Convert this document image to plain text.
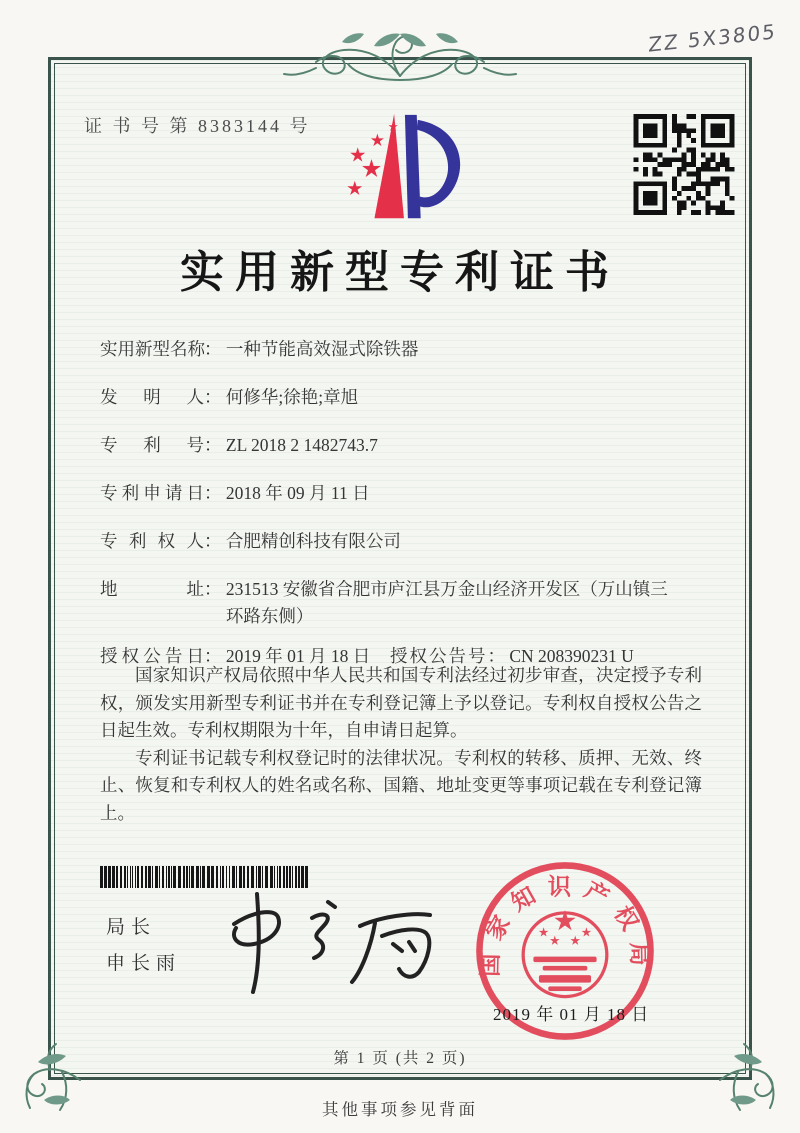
ZZ 5X3805
证 书 号 第 8383144 号
实用新型专利证书
实用新型名称： 一种节能高效湿式除铁器
发明人： 何修华;徐艳;章旭
专利号： ZL 2018 2 1482743.7
专利申请日： 2018 年 09 月 11 日
专利权人： 合肥精创科技有限公司
地址： 231513 安徽省合肥市庐江县万金山经济开发区（万山镇三环路东侧）
授权公告日： 2019 年 01 月 18 日 授权公告号： CN 208390231 U

国家知识产权局依照中华人民共和国专利法经过初步审查，决定授予专利权，颁发实用新型专利证书并在专利登记簿上予以登记。专利权自授权公告之日起生效。专利权期限为十年，自申请日起算。

专利证书记载专利权登记时的法律状况。专利权的转移、质押、无效、终止、恢复和专利权人的姓名或名称、国籍、地址变更等事项记载在专利登记簿上。

局长
申长雨	国家知识产权局
2019 年 01 月 18 日
第 1 页 (共 2 页)
其他事项参见背面
